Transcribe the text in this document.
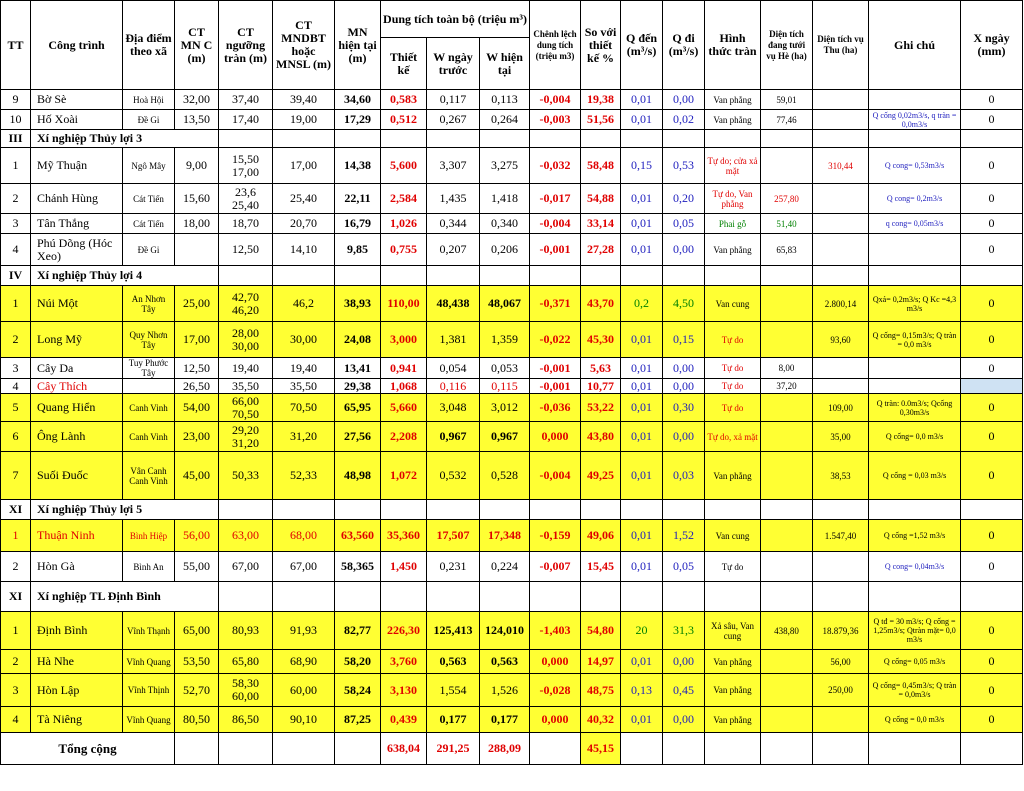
TT	Công trình	Địa điểm theo xã	CT MN C (m)	CT ngưỡng tràn (m)	CT MNDBT hoặc MNSL (m)	MN hiện tại (m)	Dung tích toàn bộ (triệu m³)			Chênh lệch dung tích (triệu m3)	So với thiết kế %	Q đến (m³/s)	Q đi (m³/s)	Hình thức tràn	Diện tích đang tưới vụ Hè (ha)	Diện tích vụ Thu (ha)	Ghi chú	X ngày (mm)
							Thiết kế	W ngày trước	W hiện tại									
9	Bờ Sè	Hoà Hội	32,00	37,40	39,40	34,60	0,583	0,117	0,113	-0,004	19,38	0,01	0,00	Van phẳng	59,01			0
10	Hố Xoài	Đề Gi	13,50	17,40	19,00	17,29	0,512	0,267	0,264	-0,003	51,56	0,01	0,02	Van phẳng	77,46		Q cống 0,02m3/s, q tràn = 0,0m3/s	0
III	Xí nghiệp Thủy lợi 3																	
1	Mỹ Thuận	Ngô Mây	9,00	15,50 17,00	17,00	14,38	5,600	3,307	3,275	-0,032	58,48	0,15	0,53	Tự do; cửa xả mặt		310,44	Q cong= 0,53m3/s	0
2	Chánh Hùng	Cát Tiến	15,60	23,6 25,40	25,40	22,11	2,584	1,435	1,418	-0,017	54,88	0,01	0,20	Tự do, Van phẳng	257,80		Q cong= 0,2m3/s	0
3	Tân Thắng	Cát Tiến	18,00	18,70	20,70	16,79	1,026	0,344	0,340	-0,004	33,14	0,01	0,05	Phai gỗ	51,40		q cong= 0,05m3/s	0
4	Phú Dõng (Hóc Xeo)	Đề Gi		12,50	14,10	9,85	0,755	0,207	0,206	-0,001	27,28	0,01	0,00	Van phẳng	65,83			0
IV	Xí nghiệp Thủy lợi 4																	
1	Núi Một	An Nhơn Tây	25,00	42,70 46,20	46,2	38,93	110,00	48,438	48,067	-0,371	43,70	0,2	4,50	Van cung		2.800,14	Qxả= 0,2m3/s; Q Kc =4,3 m3/s	0
2	Long Mỹ	Quy Nhơn Tây	17,00	28,00 30,00	30,00	24,08	3,000	1,381	1,359	-0,022	45,30	0,01	0,15	Tự do		93,60	Q cống= 0,15m3/s; Q tràn = 0,0 m3/s	0
3	Cây Da	Tuy Phước Tây	12,50	19,40	19,40	13,41	0,941	0,054	0,053	-0,001	5,63	0,01	0,00	Tự do	8,00			0
4	Cây Thích		26,50	35,50	35,50	29,38	1,068	0,116	0,115	-0,001	10,77	0,01	0,00	Tự do	37,20			
5	Quang Hiển	Canh Vinh	54,00	66,00 70,50	70,50	65,95	5,660	3,048	3,012	-0,036	53,22	0,01	0,30	Tự do		109,00	Q tràn: 0.0m3/s; Qcống 0,30m3/s	0
6	Ông Lành	Canh Vinh	23,00	29,20 31,20	31,20	27,56	2,208	0,967	0,967	0,000	43,80	0,01	0,00	Tự do, xả mặt		35,00	Q cống= 0,0 m3/s	0
7	Suối Đuốc	Vân Canh Canh Vinh	45,00	50,33	52,33	48,98	1,072	0,532	0,528	-0,004	49,25	0,01	0,03	Van phẳng		38,53	Q cống = 0,03 m3/s	0
XI	Xí nghiệp Thủy lợi 5																	
1	Thuận Ninh	Bình Hiệp	56,00	63,00	68,00	63,560	35,360	17,507	17,348	-0,159	49,06	0,01	1,52	Van cung		1.547,40	Q cống =1,52 m3/s	0
2	Hòn Gà	Bình An	55,00	67,00	67,00	58,365	1,450	0,231	0,224	-0,007	15,45	0,01	0,05	Tự do			Q cong= 0,04m3/s	0
XI	Xí nghiệp TL Định Bình																	
1	Định Bình	Vĩnh Thạnh	65,00	80,93	91,93	82,77	226,30	125,413	124,010	-1,403	54,80	20	31,3	Xả sâu, Van cung	438,80	18.879,36	Q tđ = 30 m3/s; Q cống = 1,25m3/s; Qtràn mặt= 0,0 m3/s	0
2	Hà Nhe	Vĩnh Quang	53,50	65,80	68,90	58,20	3,760	0,563	0,563	0,000	14,97	0,01	0,00	Van phẳng		56,00	Q cống= 0,05 m3/s	0
3	Hòn Lập	Vĩnh Thịnh	52,70	58,30 60,00	60,00	58,24	3,130	1,554	1,526	-0,028	48,75	0,13	0,45	Van phẳng		250,00	Q cống= 0,45m3/s; Q tràn = 0,0m3/s	0
4	Tà Niêng	Vĩnh Quang	80,50	86,50	90,10	87,25	0,439	0,177	0,177	0,000	40,32	0,01	0,00	Van phẳng			Q cống = 0,0 m3/s	0
Tổng cộng							638,04	291,25	288,09		45,15							
